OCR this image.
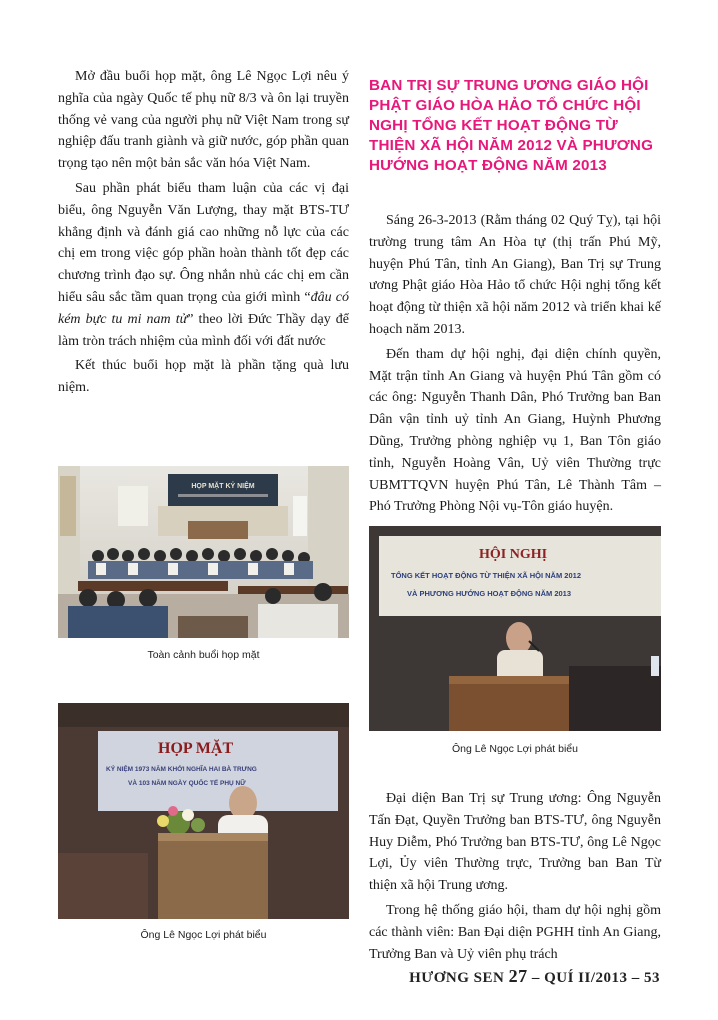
Mở đầu buổi họp mặt, ông Lê Ngọc Lợi nêu ý nghĩa của ngày Quốc tế phụ nữ 8/3 và ôn lại truyền thống vẻ vang của người phụ nữ Việt Nam trong sự nghiệp đấu tranh giành và giữ nước, góp phần quan trọng tạo nên một bản sắc văn hóa Việt Nam.

Sau phần phát biểu tham luận của các vị đại biểu, ông Nguyễn Văn Lượng, thay mặt BTS-TƯ khẳng định và đánh giá cao những nỗ lực của các chị em trong việc góp phần hoàn thành tốt đẹp các chương trình đạo sự. Ông nhắn nhủ các chị em cần hiểu sâu sắc tầm quan trọng của giới mình “đâu có kém bực tu mi nam tử” theo lời Đức Thầy dạy để làm tròn trách nhiệm của mình đối với đất nước

Kết thúc buổi họp mặt là phần tặng quà lưu niệm.

HỌP MẶT KỶ NIỆM
Toàn cảnh buổi họp mặt
HỌP MẶT
KỶ NIỆM 1973 NĂM KHỞI NGHĨA HAI BÀ TRƯNG
VÀ 103 NĂM NGÀY QUỐC TẾ PHỤ NỮ
Ông Lê Ngọc Lợi phát biểu
BAN TRỊ SỰ TRUNG ƯƠNG GIÁO HỘI PHẬT GIÁO HÒA HẢO TỔ CHỨC HỘI NGHỊ TỔNG KẾT HOẠT ĐỘNG TỪ THIỆN XÃ HỘI NĂM 2012 VÀ PHƯƠNG HƯỚNG HOẠT ĐỘNG NĂM 2013

Sáng 26-3-2013 (Rằm tháng 02 Quý Tỵ), tại hội trường trung tâm An Hòa tự (thị trấn Phú Mỹ, huyện Phú Tân, tỉnh An Giang), Ban Trị sự Trung ương Phật giáo Hòa Hảo tổ chức Hội nghị tổng kết hoạt động từ thiện xã hội năm 2012 và triển khai kế hoạch năm 2013.

Đến tham dự hội nghị, đại diện chính quyền, Mặt trận tỉnh An Giang và huyện Phú Tân gồm có các ông: Nguyễn Thanh Dân, Phó Trưởng ban Ban Dân vận tỉnh uỷ tỉnh An Giang, Huỳnh Phương Dũng, Trưởng phòng nghiệp vụ 1, Ban Tôn giáo tỉnh, Nguyễn Hoàng Vân, Uỷ viên Thường trực UBMTTQVN huyện Phú Tân, Lê Thành Tâm – Phó Trưởng Phòng Nội vụ-Tôn giáo huyện.

HỘI NGHỊ
TỔNG KẾT HOẠT ĐỘNG TỪ THIỆN XÃ HỘI NĂM 2012
VÀ PHƯƠNG HƯỚNG HOẠT ĐỘNG NĂM 2013
Ông Lê Ngọc Lợi phát biểu

Đại diện Ban Trị sự Trung ương: Ông Nguyễn Tấn Đạt, Quyền Trưởng ban BTS-TƯ, ông Nguyễn Huy Diễm, Phó Trưởng ban BTS-TƯ, ông Lê Ngọc Lợi, Ủy viên Thường trực, Trưởng ban Ban Từ thiện xã hội Trung ương.

Trong hệ thống giáo hội, tham dự hội nghị gồm các thành viên: Ban Đại diện PGHH tỉnh An Giang, Trưởng Ban và Uỷ viên phụ trách

HƯƠNG SEN 27 – QUÍ II/2013 – 53
